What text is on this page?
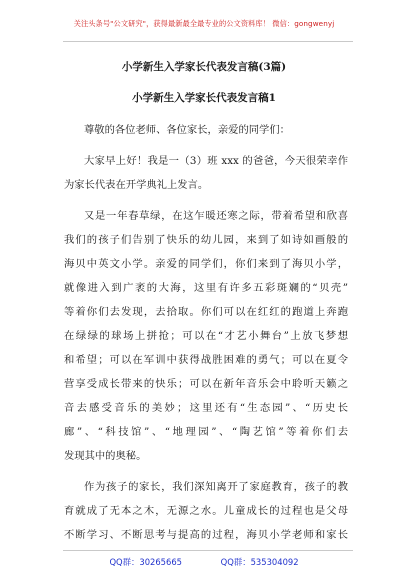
关注头条号"公文研究"，获得最新最全最专业的公文资料库！ 微信：gongwenyj
小学新生入学家长代表发言稿(3篇)
小学新生入学家长代表发言稿1
尊敬的各位老师、各位家长，亲爱的同学们：
大家早上好！我是一（3）班 xxx 的爸爸，今天很荣幸作
为家长代表在开学典礼上发言。
又是一年春草绿，在这乍暖还寒之际，带着希望和欣喜
我们的孩子们告别了快乐的幼儿园，来到了如诗如画般的
海贝中英文小学。亲爱的同学们，你们来到了海贝小学，
就像进入到广袤的大海，这里有许多五彩斑斓的“贝壳”
等着你们去发现，去拾取。你们可以在红红的跑道上奔跑
在绿绿的球场上拼抢；可以在“才艺小舞台”上放飞梦想
和希望；可以在军训中获得战胜困难的勇气；可以在夏令
营享受成长带来的快乐；可以在新年音乐会中聆听天籁之
音去感受音乐的美妙；这里还有“生态园”、“历史长
廊”、“科技馆”、“地理园”、“陶艺馆”等着你们去
发现其中的奥秘。
作为孩子的家长，我们深知离开了家庭教育，孩子的教
育就成了无本之木，无源之水。儿童成长的过程也是父母
不断学习、不断思考与提高的过程，海贝小学老师和家长
QQ群：30265665	QQ群：535304092
